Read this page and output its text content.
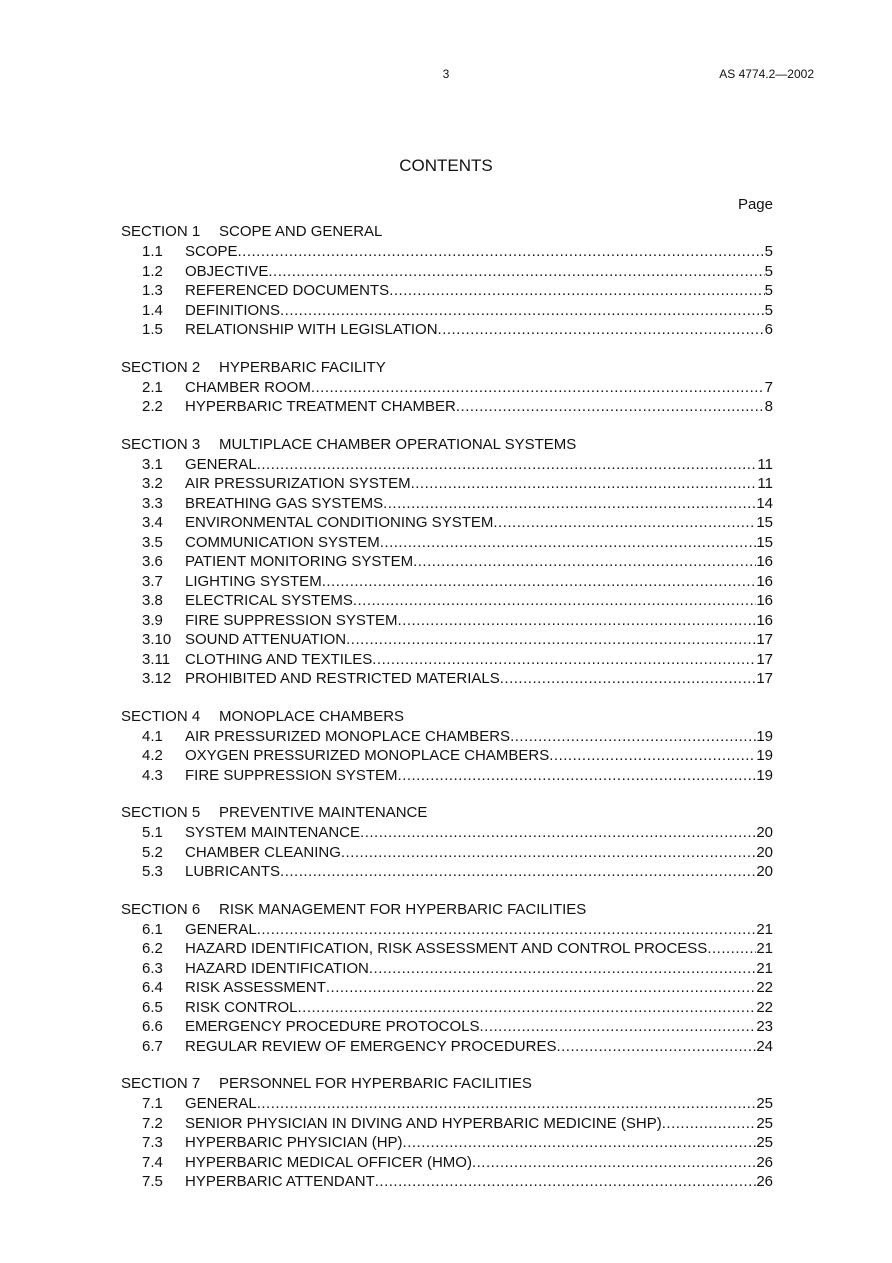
3	AS 4774.2—2002
CONTENTS
Page
SECTION 1 SCOPE AND GENERAL
1.1	SCOPE .....	5
1.2	OBJECTIVE .....	5
1.3	REFERENCED DOCUMENTS .....	5
1.4	DEFINITIONS .....	5
1.5	RELATIONSHIP WITH LEGISLATION .....	6
SECTION 2 HYPERBARIC FACILITY
2.1	CHAMBER ROOM .....	7
2.2	HYPERBARIC TREATMENT CHAMBER .....	8
SECTION 3 MULTIPLACE CHAMBER OPERATIONAL SYSTEMS
3.1	GENERAL .....	11
3.2	AIR PRESSURIZATION SYSTEM .....	11
3.3	BREATHING GAS SYSTEMS .....	14
3.4	ENVIRONMENTAL CONDITIONING SYSTEM .....	15
3.5	COMMUNICATION SYSTEM .....	15
3.6	PATIENT MONITORING SYSTEM .....	16
3.7	LIGHTING SYSTEM .....	16
3.8	ELECTRICAL SYSTEMS .....	16
3.9	FIRE SUPPRESSION SYSTEM .....	16
3.10 SOUND ATTENUATION .....	17
3.11 CLOTHING AND TEXTILES .....	17
3.12 PROHIBITED AND RESTRICTED MATERIALS .....	17
SECTION 4 MONOPLACE CHAMBERS
4.1	AIR PRESSURIZED MONOPLACE CHAMBERS .....	19
4.2	OXYGEN PRESSURIZED MONOPLACE CHAMBERS .....	19
4.3	FIRE SUPPRESSION SYSTEM .....	19
SECTION 5 PREVENTIVE MAINTENANCE
5.1	SYSTEM MAINTENANCE .....	20
5.2	CHAMBER CLEANING .....	20
5.3	LUBRICANTS .....	20
SECTION 6 RISK MANAGEMENT FOR HYPERBARIC FACILITIES
6.1	GENERAL .....	21
6.2	HAZARD IDENTIFICATION, RISK ASSESSMENT AND CONTROL PROCESS .....	21
6.3	HAZARD IDENTIFICATION .....	21
6.4	RISK ASSESSMENT .....	22
6.5	RISK CONTROL .....	22
6.6	EMERGENCY PROCEDURE PROTOCOLS .....	23
6.7	REGULAR REVIEW OF EMERGENCY PROCEDURES .....	24
SECTION 7 PERSONNEL FOR HYPERBARIC FACILITIES
7.1	GENERAL .....	25
7.2	SENIOR PHYSICIAN IN DIVING AND HYPERBARIC MEDICINE (SHP) .....	25
7.3	HYPERBARIC PHYSICIAN (HP) .....	25
7.4	HYPERBARIC MEDICAL OFFICER (HMO) .....	26
7.5	HYPERBARIC ATTENDANT .....	26
